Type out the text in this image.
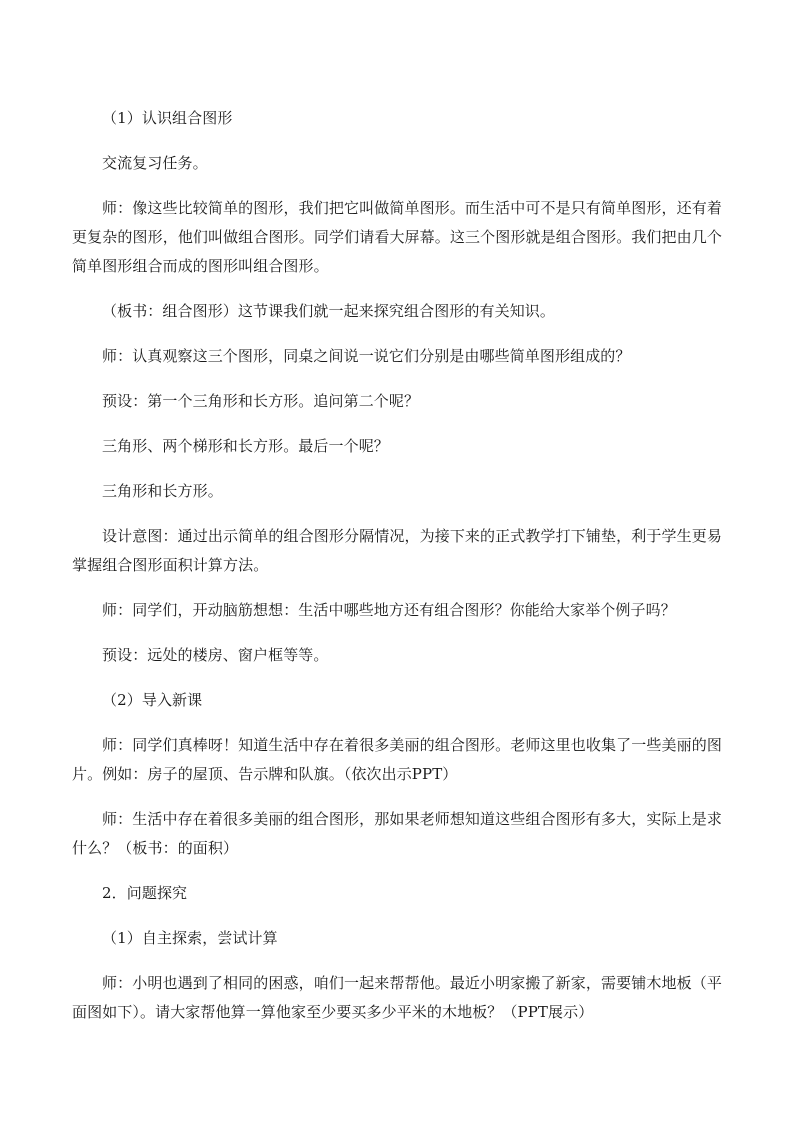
（1）认识组合图形

交流复习任务。

师：像这些比较简单的图形，我们把它叫做简单图形。而生活中可不是只有简单图形，还有着更复杂的图形，他们叫做组合图形。同学们请看大屏幕。这三个图形就是组合图形。我们把由几个简单图形组合而成的图形叫组合图形。

（板书：组合图形）这节课我们就一起来探究组合图形的有关知识。

师：认真观察这三个图形，同桌之间说一说它们分别是由哪些简单图形组成的？

预设：第一个三角形和长方形。追问第二个呢？

三角形、两个梯形和长方形。最后一个呢？

三角形和长方形。

设计意图：通过出示简单的组合图形分隔情况，为接下来的正式教学打下铺垫，利于学生更易掌握组合图形面积计算方法。

师：同学们，开动脑筋想想：生活中哪些地方还有组合图形？你能给大家举个例子吗？

预设：远处的楼房、窗户框等等。

（2）导入新课

师：同学们真棒呀！知道生活中存在着很多美丽的组合图形。老师这里也收集了一些美丽的图片。例如：房子的屋顶、告示牌和队旗。（依次出示PPT）

师：生活中存在着很多美丽的组合图形，那如果老师想知道这些组合图形有多大，实际上是求什么？（板书：的面积）

2．问题探究

（1）自主探索，尝试计算

师：小明也遇到了相同的困惑，咱们一起来帮帮他。最近小明家搬了新家，需要铺木地板（平面图如下）。请大家帮他算一算他家至少要买多少平米的木地板？（PPT展示）
